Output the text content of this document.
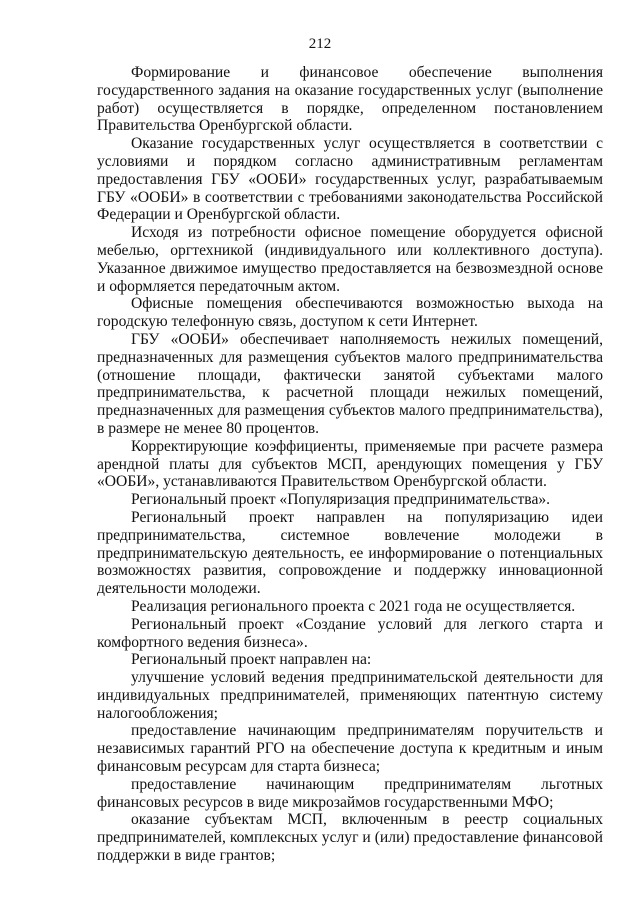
212

Формирование и финансовое обеспечение выполнения государственного задания на оказание государственных услуг (выполнение работ) осуществляется в порядке, определенном постановлением Правительства Оренбургской области.

Оказание государственных услуг осуществляется в соответствии с условиями и порядком согласно административным регламентам предоставления ГБУ «ООБИ» государственных услуг, разрабатываемым ГБУ «ООБИ» в соответствии с требованиями законодательства Российской Федерации и Оренбургской области.

Исходя из потребности офисное помещение оборудуется офисной мебелью, оргтехникой (индивидуального или коллективного доступа). Указанное движимое имущество предоставляется на безвозмездной основе и оформляется передаточным актом.

Офисные помещения обеспечиваются возможностью выхода на городскую телефонную связь, доступом к сети Интернет.

ГБУ «ООБИ» обеспечивает наполняемость нежилых помещений, предназначенных для размещения субъектов малого предпринимательства (отношение площади, фактически занятой субъектами малого предпринимательства, к расчетной площади нежилых помещений, предназначенных для размещения субъектов малого предпринимательства), в размере не менее 80 процентов.

Корректирующие коэффициенты, применяемые при расчете размера арендной платы для субъектов МСП, арендующих помещения у ГБУ «ООБИ», устанавливаются Правительством Оренбургской области.

Региональный проект «Популяризация предпринимательства».

Региональный проект направлен на популяризацию идеи предпринимательства, системное вовлечение молодежи в предпринимательскую деятельность, ее информирование о потенциальных возможностях развития, сопровождение и поддержку инновационной деятельности молодежи.

Реализация регионального проекта с 2021 года не осуществляется.

Региональный проект «Создание условий для легкого старта и комфортного ведения бизнеса».

Региональный проект направлен на:

улучшение условий ведения предпринимательской деятельности для индивидуальных предпринимателей, применяющих патентную систему налогообложения;

предоставление начинающим предпринимателям поручительств и независимых гарантий РГО на обеспечение доступа к кредитным и иным финансовым ресурсам для старта бизнеса;

предоставление начинающим предпринимателям льготных финансовых ресурсов в виде микрозаймов государственными МФО;

оказание субъектам МСП, включенным в реестр социальных предпринимателей, комплексных услуг и (или) предоставление финансовой поддержки в виде грантов;
